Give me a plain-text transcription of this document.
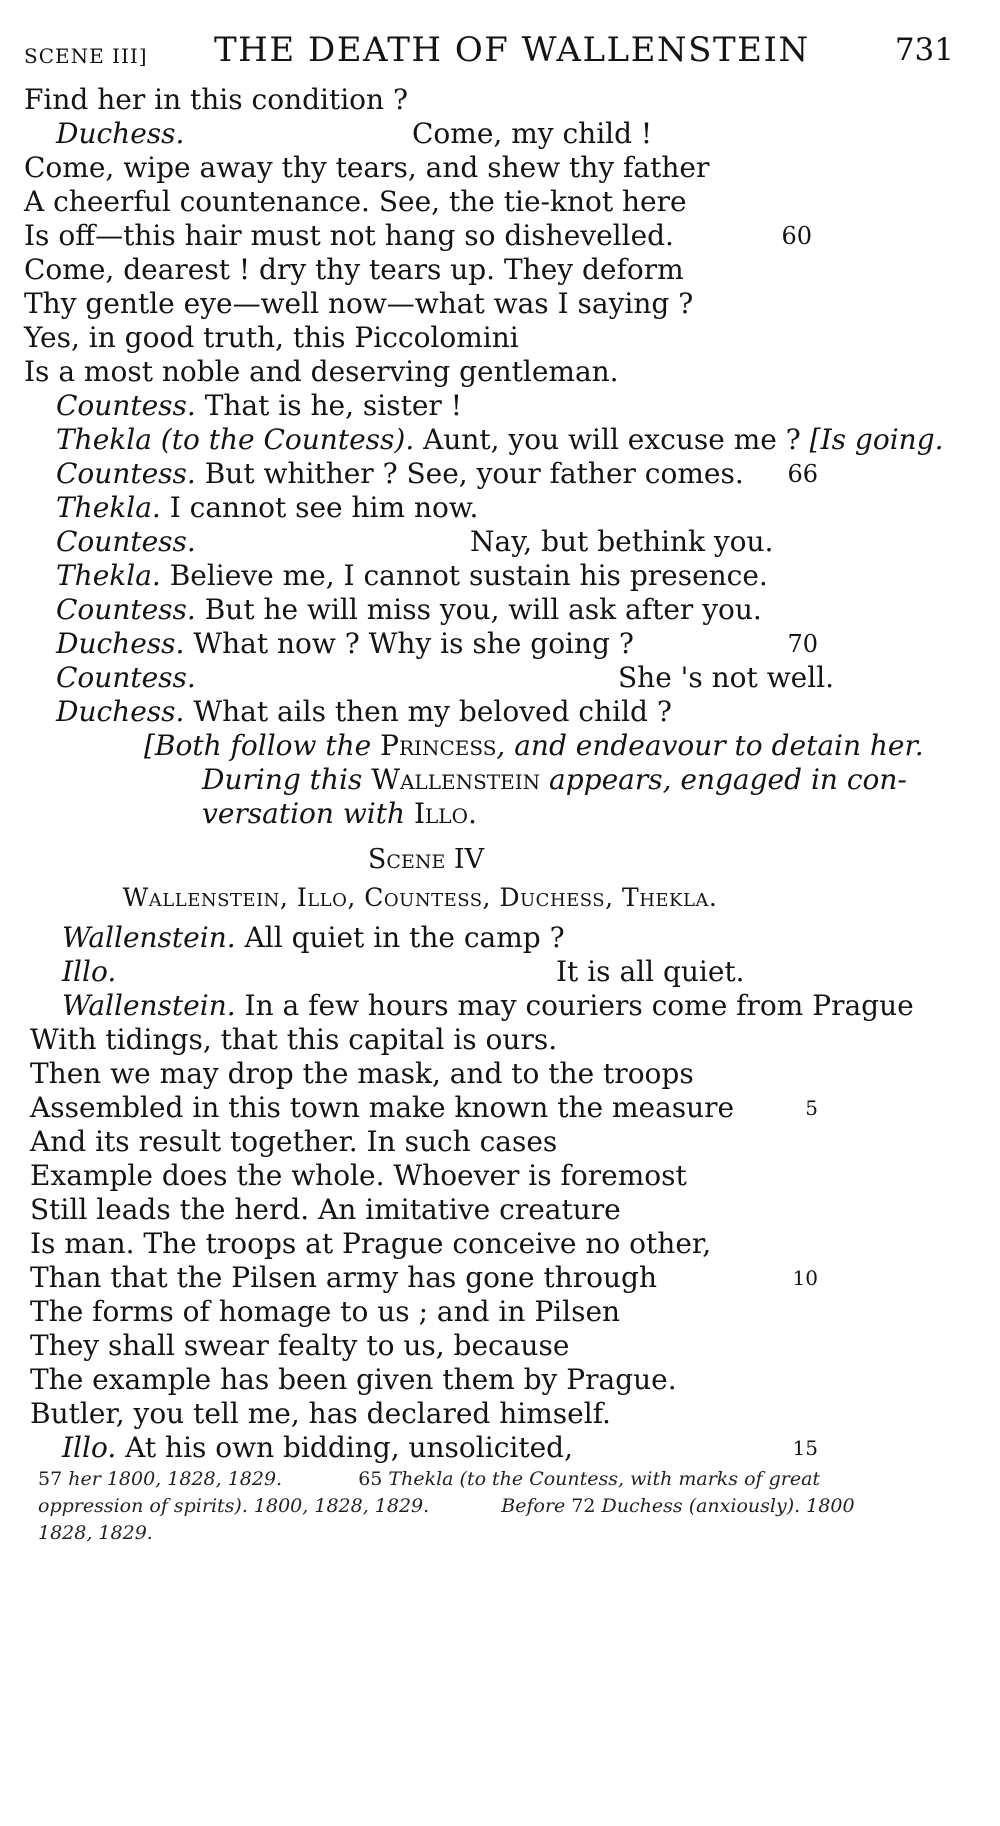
SCENE III] THE DEATH OF WALLENSTEIN	731
Find her in this condition ?
Duchess.	Come, my child !
Come, wipe away thy tears, and shew thy father
A cheerful countenance. See, the tie-knot here
Is off—this hair must not hang so dishevelled.	60
Come, dearest ! dry thy tears up. They deform
Thy gentle eye—well now—what was I saying ?
Yes, in good truth, this Piccolomini
Is a most noble and deserving gentleman.
Countess. That is he, sister !
Thekla (to the Countess). Aunt, you will excuse me ? [Is going.
Countess. But whither ? See, your father comes. 66
Thekla. I cannot see him now.
Countess.	Nay, but bethink you.
Thekla. Believe me, I cannot sustain his presence.
Countess. But he will miss you, will ask after you.
Duchess. What now ? Why is she going ?	70
Countess.	She 's not well.
Duchess. What ails then my beloved child ?
[Both follow the Princess, and endeavour to detain her.
During this Wallenstein appears, engaged in con-
versation with Illo.
Scene IV
Wallenstein, Illo, Countess, Duchess, Thekla.
Wallenstein. All quiet in the camp ?
Illo.	It is all quiet.
Wallenstein. In a few hours may couriers come from Prague
With tidings, that this capital is ours.
Then we may drop the mask, and to the troops
Assembled in this town make known the measure	5
And its result together. In such cases
Example does the whole. Whoever is foremost
Still leads the herd. An imitative creature
Is man. The troops at Prague conceive no other,
Than that the Pilsen army has gone through	10
The forms of homage to us ; and in Pilsen
They shall swear fealty to us, because
The example has been given them by Prague.
Butler, you tell me, has declared himself.
Illo. At his own bidding, unsolicited,	15
57 her 1800, 1828, 1829.	65 Thekla (to the Countess, with marks of great
oppression of spirits). 1800, 1828, 1829.	Before 72 Duchess (anxiously). 1800
1828, 1829.
